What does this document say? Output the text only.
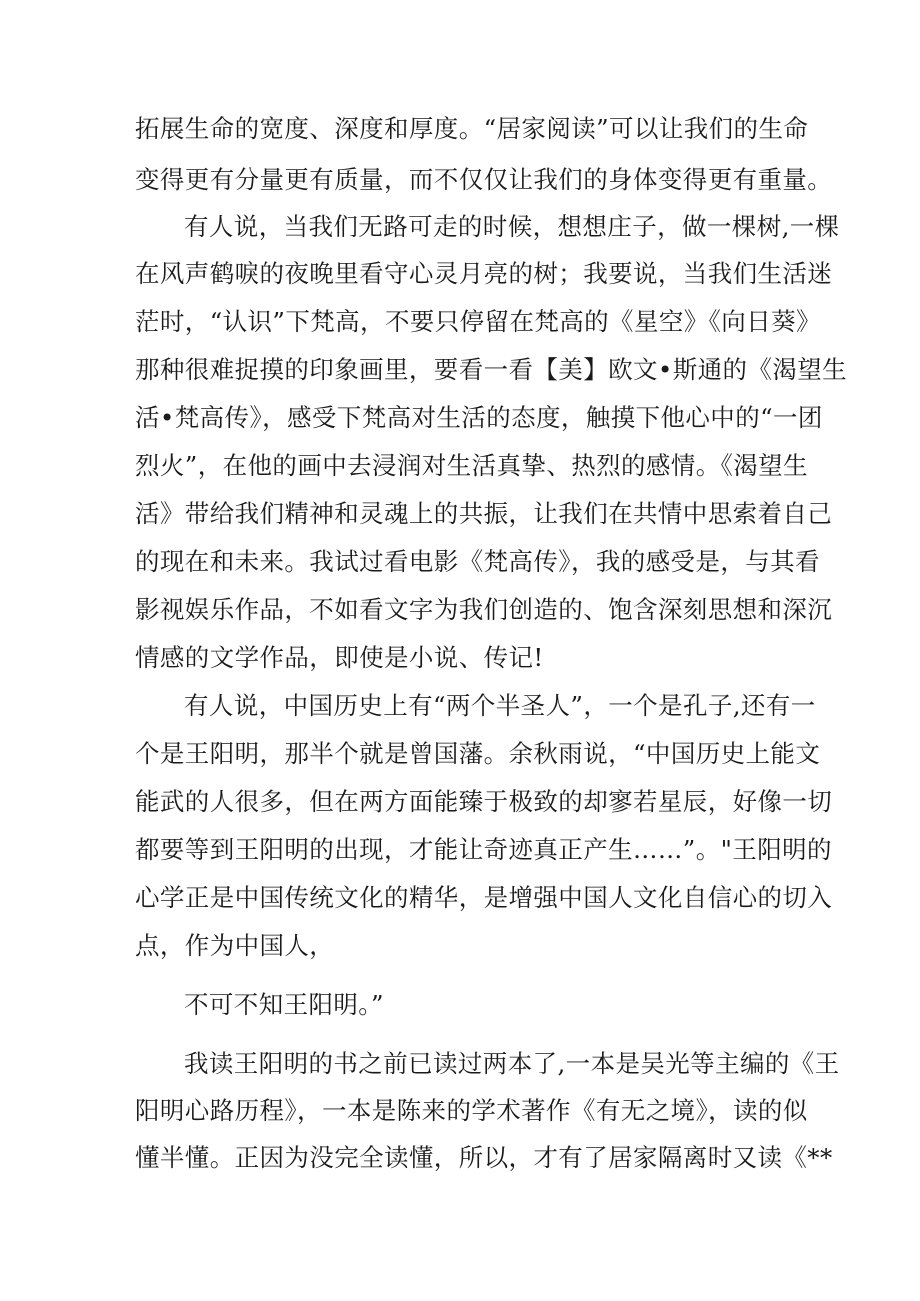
拓展生命的宽度、深度和厚度。“居家阅读”可以让我们的生命
变得更有分量更有质量，而不仅仅让我们的身体变得更有重量。
有人说，当我们无路可走的时候，想想庄子，做一棵树,一棵
在风声鹤唳的夜晚里看守心灵月亮的树；我要说，当我们生活迷
茫时，“认识”下梵高，不要只停留在梵高的《星空》《向日葵》
那种很难捉摸的印象画里，要看一看【美】欧文•斯通的《渴望生
活•梵高传》，感受下梵高对生活的态度，触摸下他心中的“一团
烈火”，在他的画中去浸润对生活真挚、热烈的感情。《渴望生
活》带给我们精神和灵魂上的共振，让我们在共情中思索着自己
的现在和未来。我试过看电影《梵高传》，我的感受是，与其看
影视娱乐作品，不如看文字为我们创造的、饱含深刻思想和深沉
情感的文学作品，即使是小说、传记!
有人说，中国历史上有“两个半圣人”，一个是孔子,还有一
个是王阳明，那半个就是曾国藩。余秋雨说，“中国历史上能文
能武的人很多，但在两方面能臻于极致的却寥若星辰，好像一切
都要等到王阳明的出现，才能让奇迹真正产生……”。"王阳明的
心学正是中国传统文化的精华，是增强中国人文化自信心的切入
点，作为中国人，
不可不知王阳明。”
我读王阳明的书之前已读过两本了,一本是吴光等主编的《王
阳明心路历程》，一本是陈来的学术著作《有无之境》，读的似
懂半懂。正因为没完全读懂，所以，才有了居家隔离时又读《**
